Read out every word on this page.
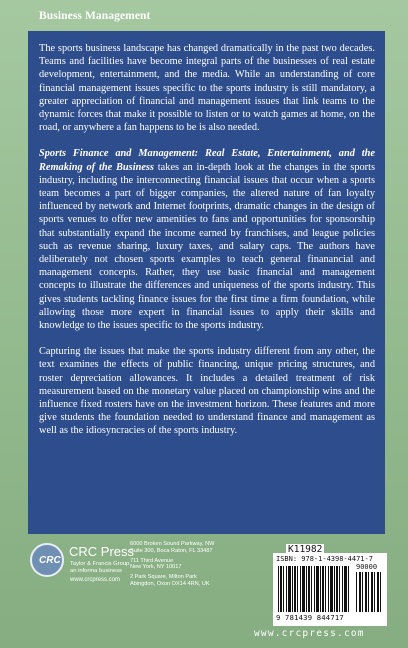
Business Management

The sports business landscape has changed dramatically in the past two decades. Teams and facilities have become integral parts of the businesses of real estate development, entertainment, and the media. While an understanding of core financial management issues specific to the sports industry is still mandatory, a greater appreciation of financial and management issues that link teams to the dynamic forces that make it possible to listen or to watch games at home, on the road, or anywhere a fan happens to be is also needed.

Sports Finance and Management: Real Estate, Entertainment, and the Remaking of the Business takes an in-depth look at the changes in the sports industry, including the interconnecting financial issues that occur when a sports team becomes a part of bigger companies, the altered nature of fan loyalty influenced by network and Internet footprints, dramatic changes in the design of sports venues to offer new amenities to fans and opportunities for sponsorship that substantially expand the income earned by franchises, and league policies such as revenue sharing, luxury taxes, and salary caps. The authors have deliberately not chosen sports examples to teach general finanancial and management concepts. Rather, they use basic financial and management concepts to illustrate the differences and uniqueness of the sports industry. This gives students tackling finance issues for the first time a firm foundation, while allowing those more expert in financial issues to apply their skills and knowledge to the issues specific to the sports industry.

Capturing the issues that make the sports industry different from any other, the text examines the effects of public financing, unique pricing structures, and roster depreciation allowances. It includes a detailed treatment of risk measurement based on the monetary value placed on championship wins and the influence fixed rosters have on the investment horizon. These features and more give students the foundation needed to understand finance and management as well as the idiosyncracies of the sports industry.

CRC
CRC Press
Taylor & Francis Group
an informa business
www.crcpress.com
6000 Broken Sound Parkway, NW
Suite 300, Boca Raton, FL 33487
711 Third Avenue
New York, NY 10017
2 Park Square, Milton Park
Abingdon, Oxon OX14 4RN, UK
K11982
ISBN: 978-1-4398-4471-7
90000
9 781439 844717
www.crcpress.com
